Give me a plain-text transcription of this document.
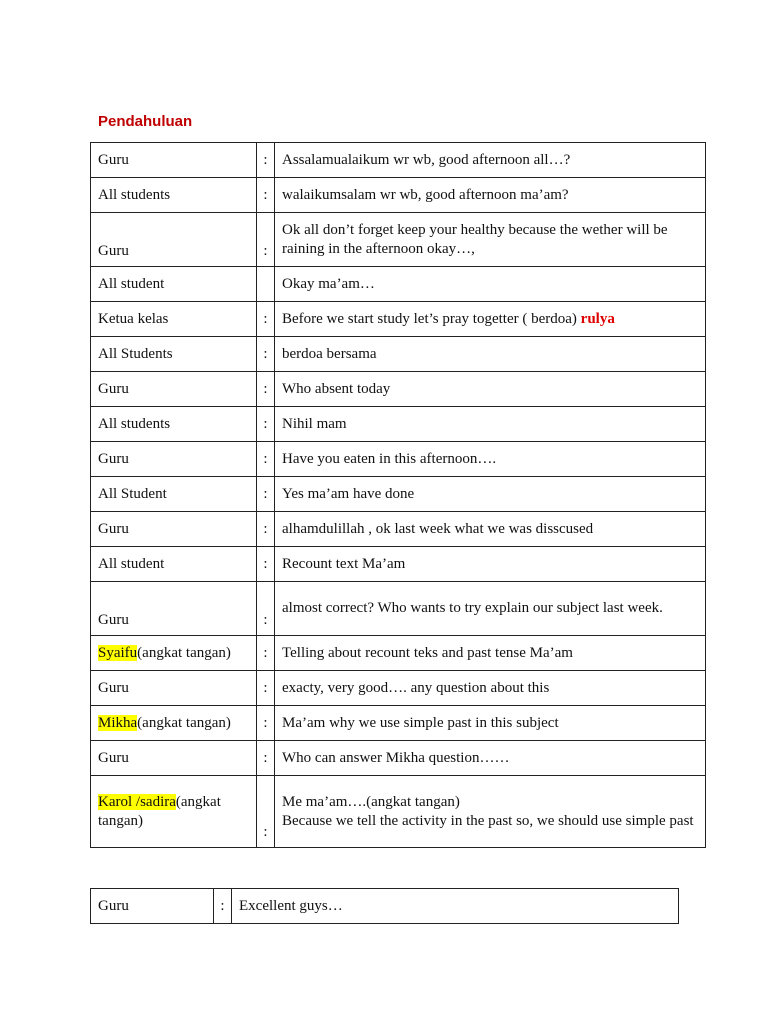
Pendahuluan
Guru	:	Assalamualaikum wr wb, good afternoon all…?
All students	:	walaikumsalam wr wb, good afternoon ma’am?
Guru	:	Ok all don’t forget keep your healthy because the wether will be raining in the afternoon okay…,
All student		Okay ma’am…
Ketua kelas	:	Before we start study let’s pray togetter ( berdoa) rulya
All Students	:	berdoa bersama
Guru	:	Who absent today
All students	:	Nihil mam
Guru	:	Have you eaten in this afternoon….
All Student	:	Yes ma’am have done
Guru	:	alhamdulillah , ok last week what we was disscused
All student	:	Recount text Ma’am
Guru	:	almost correct? Who wants to try explain our subject last week.
Syaifu(angkat tangan)	:	Telling about recount teks and past tense Ma’am
Guru	:	exacty, very good…. any question about this
Mikha(angkat tangan)	:	Ma’am why we use simple past in this subject
Guru	:	Who can answer Mikha question……
Karol /sadira(angkat tangan)	:	Me ma’am….(angkat tangan)
Because we tell the activity in the past so, we should use simple past
Guru	:	Excellent guys…
